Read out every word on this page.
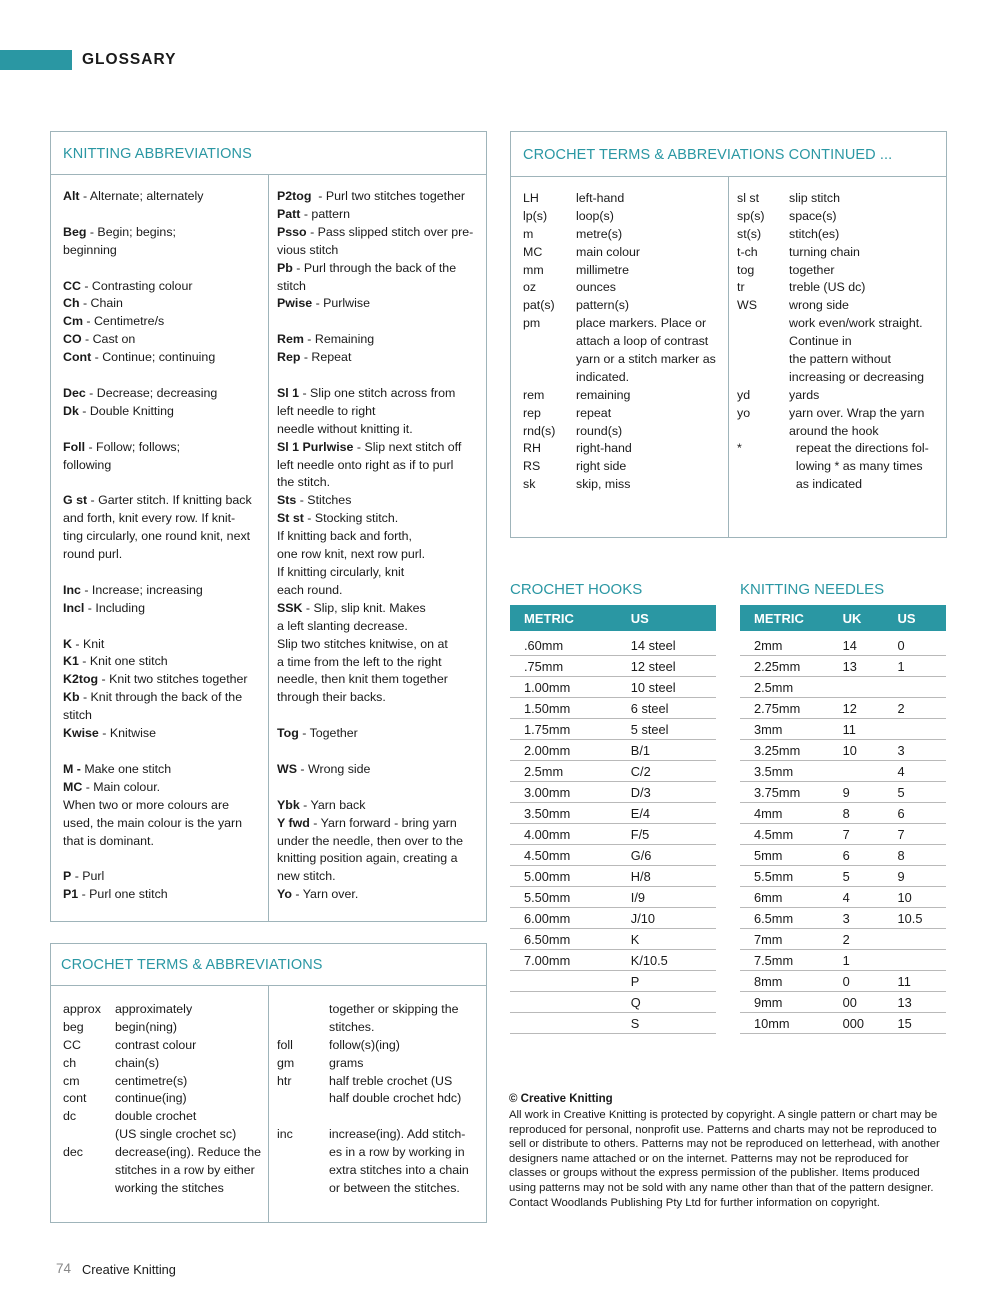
GLOSSARY
KNITTING ABBREVIATIONS

Alt - Alternate; alternately

Beg - Begin; begins;

beginning

CC - Contrasting colour

Ch - Chain

Cm - Centimetre/s

CO - Cast on

Cont - Continue; continuing

Dec - Decrease; decreasing

Dk - Double Knitting

Foll - Follow; follows;

following

G st - Garter stitch. If knitting back

and forth, knit every row. If knit-

ting circularly, one round knit, next

round purl.

Inc - Increase; increasing

Incl - Including

K - Knit

K1 - Knit one stitch

K2tog - Knit two stitches together

Kb - Knit through the back of the

stitch

Kwise - Knitwise

M - Make one stitch

MC - Main colour.

When two or more colours are

used, the main colour is the yarn

that is dominant.

P - Purl

P1 - Purl one stitch

P2tog  - Purl two stitches together

Patt - pattern

Psso - Pass slipped stitch over pre-

vious stitch

Pb - Purl through the back of the

stitch

Pwise - Purlwise

Rem - Remaining

Rep - Repeat

Sl 1 - Slip one stitch across from

left needle to right

needle without knitting it.

Sl 1 Purlwise - Slip next stitch off

left needle onto right as if to purl

the stitch.

Sts - Stitches

St st - Stocking stitch.

If knitting back and forth,

one row knit, next row purl.

If knitting circularly, knit

each round.

SSK - Slip, slip knit. Makes

a left slanting decrease.

Slip two stitches knitwise, on at

a time from the left to the right

needle, then knit them together

through their backs.

Tog - Together

WS - Wrong side

Ybk - Yarn back

Y fwd - Yarn forward - bring yarn

under the needle, then over to the

knitting position again, creating a

new stitch.

Yo - Yarn over.

CROCHET TERMS & ABBREVIATIONS
approx	approximately
beg	begin(ning)
CC	contrast colour
ch	chain(s)
cm	centimetre(s)
cont	continue(ing)
dc	double crochet
(US single crochet sc)
dec	decrease(ing). Reduce the
stitches in a row by either
working the stitches
together or skipping the
stitches.
foll	follow(s)(ing)
gm	grams
htr	half treble crochet (US
half double crochet hdc)
inc	increase(ing). Add stitch-
es in a row by working in
extra stitches into a chain
or between the stitches.
CROCHET TERMS & ABBREVIATIONS CONTINUED ...
LH	left-hand
lp(s)	loop(s)
m	metre(s)
MC	main colour
mm	millimetre
oz	ounces
pat(s)	pattern(s)
pm	place markers. Place or
attach a loop of contrast
yarn or a stitch marker as
indicated.
rem	remaining
rep	repeat
rnd(s)	round(s)
RH	right-hand
RS	right side
sk	skip, miss
sl st	slip stitch
sp(s)	space(s)
st(s)	stitch(es)
t-ch	turning chain
tog	together
tr	treble (US dc)
WS	wrong side
work even/work straight.
Continue in
the pattern without
increasing or decreasing
yd	yards
yo	yarn over. Wrap the yarn
around the hook
*	repeat the directions fol-
lowing * as many times
as indicated
CROCHET HOOKS
METRIC	US

.60mm	14 steel
.75mm	12 steel
1.00mm	10 steel
1.50mm	6 steel
1.75mm	5 steel
2.00mm	B/1
2.5mm	C/2
3.00mm	D/3
3.50mm	E/4
4.00mm	F/5
4.50mm	G/6
5.00mm	H/8
5.50mm	I/9
6.00mm	J/10
6.50mm	K
7.00mm	K/10.5
	P
	Q
	S
KNITTING NEEDLES
METRIC	UK	US

2mm	14	0
2.25mm	13	1
2.5mm		
2.75mm	12	2
3mm	11	
3.25mm	10	3
3.5mm		4
3.75mm	9	5
4mm	8	6
4.5mm	7	7
5mm	6	8
5.5mm	5	9
6mm	4	10
6.5mm	3	10.5
7mm	2	
7.5mm	1	
8mm	0	11
9mm	00	13
10mm	000	15
© Creative Knitting
All work in Creative Knitting is protected by copyright. A single pattern or chart may be reproduced for personal, nonprofit use. Patterns and charts may not be reproduced to sell or distribute to others. Patterns may not be reproduced on letterhead, with another designers name attached or on the internet. Patterns may not be reproduced for classes or groups without the express permission of the publisher. Items produced using patterns may not be sold with any name other than that of the pattern designer. Contact Woodlands Publishing Pty Ltd for further information on copyright.
74 Creative Knitting
